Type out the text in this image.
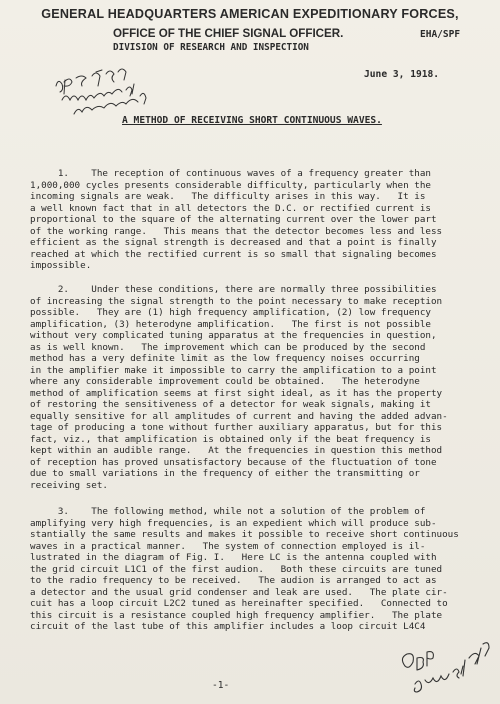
GENERAL HEADQUARTERS AMERICAN EXPEDITIONARY FORCES,
OFFICE OF THE CHIEF SIGNAL OFFICER.	EHA/SPF
DIVISION OF RESEARCH AND INSPECTION
June 3, 1918.
A METHOD OF RECEIVING SHORT CONTINUOUS WAVES.
1.    The reception of continuous waves of a frequency greater than
1,000,000 cycles presents considerable difficulty, particularly when the
incoming signals are weak.   The difficulty arises in this way.   It is
a well known fact that in all detectors the D.C. or rectified current is
proportional to the square of the alternating current over the lower part
of the working range.   This means that the detector becomes less and less
efficient as the signal strength is decreased and that a point is finally
reached at which the rectified current is so small that signaling becomes
impossible.
2.    Under these conditions, there are normally three possibilities
of increasing the signal strength to the point necessary to make reception
possible.   They are (1) high frequency amplification, (2) low frequency
amplification, (3) heterodyne amplification.   The first is not possible
without very complicated tuning apparatus at the frequencies in question,
as is well known.   The improvement which can be produced by the second
method has a very definite limit as the low frequency noises occurring
in the amplifier make it impossible to carry the amplification to a point
where any considerable improvement could be obtained.   The heterodyne
method of amplification seems at first sight ideal, as it has the property
of restoring the sensitiveness of a detector for weak signals, making it
equally sensitive for all amplitudes of current and having the added advan-
tage of producing a tone without further auxiliary apparatus, but for this
fact, viz., that amplification is obtained only if the beat frequency is
kept within an audible range.   At the frequencies in question this method
of reception has proved unsatisfactory because of the fluctuation of tone
due to small variations in the frequency of either the transmitting or
receiving set.
3.    The following method, while not a solution of the problem of
amplifying very high frequencies, is an expedient which will produce sub-
stantially the same results and makes it possible to receive short continuous
waves in a practical manner.   The system of connection employed is il-
lustrated in the diagram of Fig. I.   Here LC is the antenna coupled with
the grid circuit L1C1 of the first audion.   Both these circuits are tuned
to the radio frequency to be received.   The audion is arranged to act as
a detector and the usual grid condenser and leak are used.   The plate cir-
cuit has a loop circuit L2C2 tuned as hereinafter specified.   Connected to
this circuit is a resistance coupled high frequency amplifier.   The plate
circuit of the last tube of this amplifier includes a loop circuit L4C4
-1-
